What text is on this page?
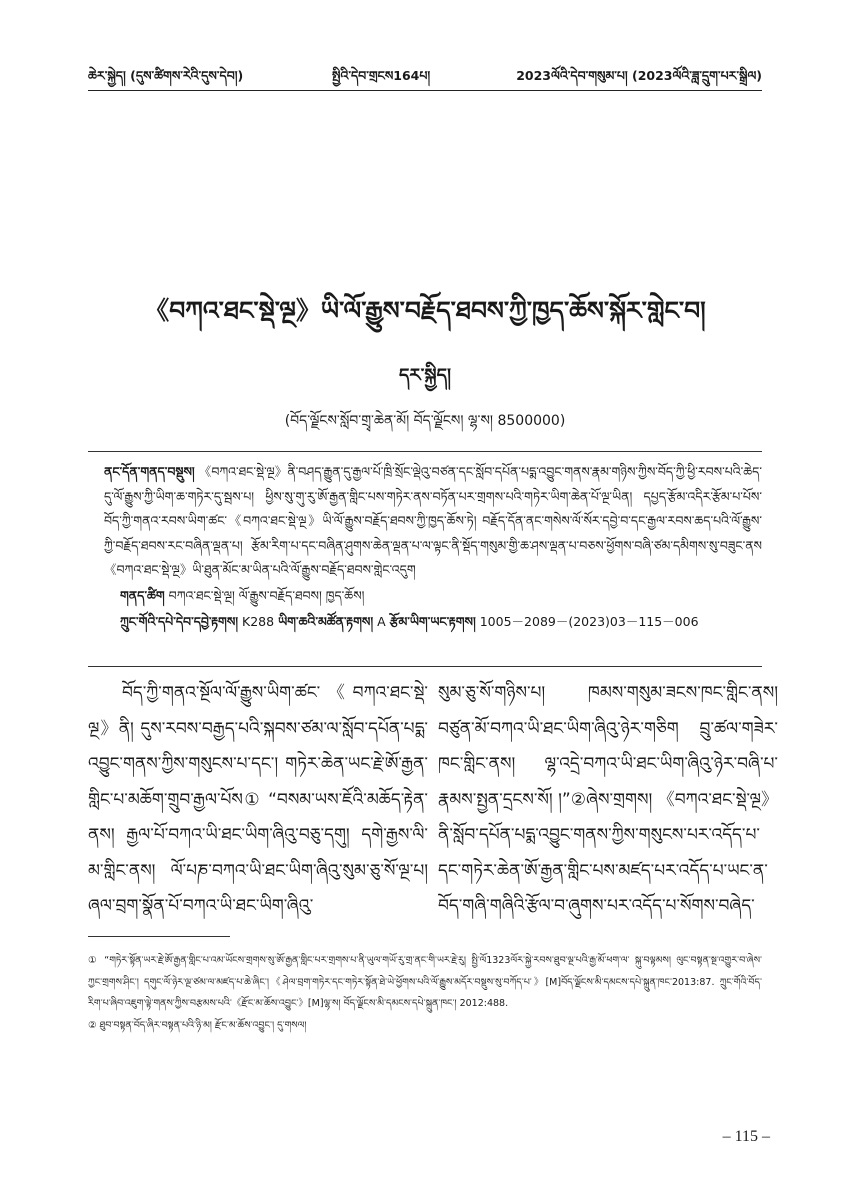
ཆེར་སྐྱེད། (དུས་ཚིགས་རེའི་དུས་དེབ།)	སྤྱིའི་དེབ་གྲངས164པ།	2023ལོའི་དེབ་གསུམ་པ། (2023ལོའི་ཟླ་དྲུག་པར་སྒྲིལ)
《བཀའ་ཐང་སྡེ་ལྔ》ཡི་ལོ་རྒྱུས་བརྗོད་ཐབས་ཀྱི་ཁྱད་ཆོས་སྐོར་གླེང་བ།
དར་སྐྱིད།
(བོད་ལྗོངས་སློབ་གྲྭ་ཆེན་མོ། བོད་ལྗོངས། ལྷ་ས། 8500000)
ནང་དོན་གནད་བསྡུས། 《བཀའ་ཐང་སྡེ་ལྔ》ནི་བཤད་རྒྱུན་དུ་རྒྱལ་པོ་ཁྲི་སྲོང་ལྡེའུ་བཙན་དང་སློབ་དཔོན་པདྨ་འབྱུང་གནས་རྣམ་གཉིས་ཀྱིས་བོད་ཀྱི་ཕྱི་རབས་པའི་ཆེད་དུ་ལོ་རྒྱུས་ཀྱི་ཡིག་ཆ་གཏེར་དུ་སྦས་པ། ཕྱིས་སུ་གུ་རུ་ཨོ་རྒྱན་གླིང་པས་གཏེར་ནས་བཏོན་པར་གྲགས་པའི་གཏེར་ཡིག་ཆེན་པོ་ལྔ་ཡིན། དཔྱད་རྩོམ་འདིར་རྩོམ་པ་པོས་བོད་ཀྱི་གནའ་རབས་ཡིག་ཚང་《བཀའ་ཐང་སྡེ་ལྔ》ཡི་ལོ་རྒྱུས་བརྗོད་ཐབས་ཀྱི་ཁྱད་ཆོས་ཏེ། བརྗོད་དོན་ནང་གསེས་ལོ་སོར་དབྱེ་བ་དང་རྒྱལ་རབས་ཆད་པའི་ལོ་རྒྱུས་ཀྱི་བརྗོད་ཐབས་རང་བཞིན་ལྡན་པ། རྩོམ་རིག་པ་དང་བཞིན་ཤུགས་ཆེན་ལྡན་པ་ལ་ལྟང་ནི་སྡོད་གསུམ་གྱི་ཆ་ཤས་ལྡན་པ་བཅས་ཕྱོགས་བཞི་ཙམ་དམིགས་སུ་བཟུང་ནས《བཀའ་ཐང་སྡེ་ལྔ》ཡི་ཐུན་མོང་མ་ཡིན་པའི་ལོ་རྒྱུས་བརྗོད་ཐབས་གླེང་འདུག
གནད་ཚིག བཀའ་ཐང་སྡེ་ལྔ། ལོ་རྒྱུས་བརྗོད་ཐབས། ཁྱད་ཆོས།
ཀྲུང་གོའི་དཔེ་དེབ་དབྱེ་རྟགས། K288 ཡིག་ཆའི་མཚོན་རྟགས། A རྩོམ་ཡིག་ཡང་རྟགས། 1005－2089－(2023)03－115－006
བོད་ཀྱི་གནའ་སྔོལ་ལོ་རྒྱུས་ཡིག་ཚང་《བཀའ་ཐང་སྡེ་ལྔ》ནི། དུས་རབས་བརྒྱད་པའི་སྐབས་ཙམ་ལ་སློབ་དཔོན་པདྨ་འབྱུང་གནས་ཀྱིས་གསུངས་པ་དང་། གཏེར་ཆེན་ཡང་རྗེ་ཨོ་རྒྱན་གླིང་པ་མཆོག་གྲུབ་རྒྱལ་པོས① “བསམ་ཡས་ཇོའི་མཆོད་རྟེན་ནས། རྒྱལ་པོ་བཀའ་ཡི་ཐང་ཡིག་ཞིའུ་བཅུ་དགུ། དགེ་རྒྱས་ལི་མ་གླིང་ནས། ལོ་པཎ་བཀའ་ཡི་ཐང་ཡིག་ཞིའུ་སུམ་ཅུ་སོ་ལྔ་པ། ཞལ་བྲག་སྣོན་པོ་བཀའ་ཡི་ཐང་ཡིག་ཞིའུ་
སུམ་ཅུ་སོ་གཉིས་པ། ཁམས་གསུམ་ཟངས་ཁང་གླིང་ནས། བཙུན་མོ་བཀའ་ཡི་ཐང་ཡིག་ཞིའུ་ཉེར་གཅིག བྲུ་ཚལ་གཟེར་ཁང་གླིང་ནས། ལྷ་འདྲེ་བཀའ་ཡི་ཐང་ཡིག་ཞིའུ་ཉེར་བཞི་པ་རྣམས་སྤྱན་དྲངས་སོ། །”②ཞེས་གྲགས། 《བཀའ་ཐང་སྡེ་ལྔ》ནི་སློབ་དཔོན་པདྨ་འབྱུང་གནས་ཀྱིས་གསུངས་པར་འདོད་པ་དང་གཏེར་ཆེན་ཨོ་རྒྱན་གླིང་པས་མཛད་པར་འདོད་པ་ཡང་ན་བོད་གཞི་གཞིའི་རྩོལ་བ་ཞུགས་པར་འདོད་པ་སོགས་བཞེད་

① “གཏེར་སྟོན་ཡར་རྗེ་ཨོ་རྒྱན་གླིང་པ་འམ་ཡོངས་གྲགས་སུ་ཨོ་རྒྱན་གླིང་པར་གྲགས་པ་ནི་ཡུལ་གཡོ་རུ་གྲ་ནང་གི་ཡར་རྗེ་རུ། སྤྱི་ལོ1323ལོར་སྐྱེ་རབས་ཐུབ་ལྔ་པའི་རྒྱ་མོ་ཕག་ལ་ སྐུ་བལྟམས། ལུང་བསྟན་སྔ་འགྱུར་བ་ཞེས་ཀྱང་གྲགས་ཤིང་། དགུང་ལོ་ཉེར་ལྔ་ཙམ་ལ་མཛད་པ་ཆེ་ཞིང་།《ཤེལ་བྲག་གཏེར་དང་གཏེར་སྟོན་ཐེ་ཡེ་ཕྱོགས་པའི་ལོ་རྒྱུས་མདོར་བསྡུས་སུ་བཀོད་པ་》[M]བོད་ལྗོངས་མི་དམངས་དཔེ་སྐྲུན་ཁང་2013:87. ཀྲུང་གོའི་བོད་རིག་པ་ཞིབ་འཇུག་ལྟེ་གནས་ཀྱིས་བརྩམས་པའི་《རྫོང་མ་ཆོས་འབྱུང་》[M]ལྷ་ས། བོད་ལྗོངས་མི་དམངས་དཔེ་སྐྲུན་ཁང་། 2012:488.

② ཐུབ་བསྟན་བོད་ཞིར་བསྟན་པའི་ཉི་མ། རྫོང་མ་ཆོས་འབྱུང་། དུ་གསལ།

– 115 –
